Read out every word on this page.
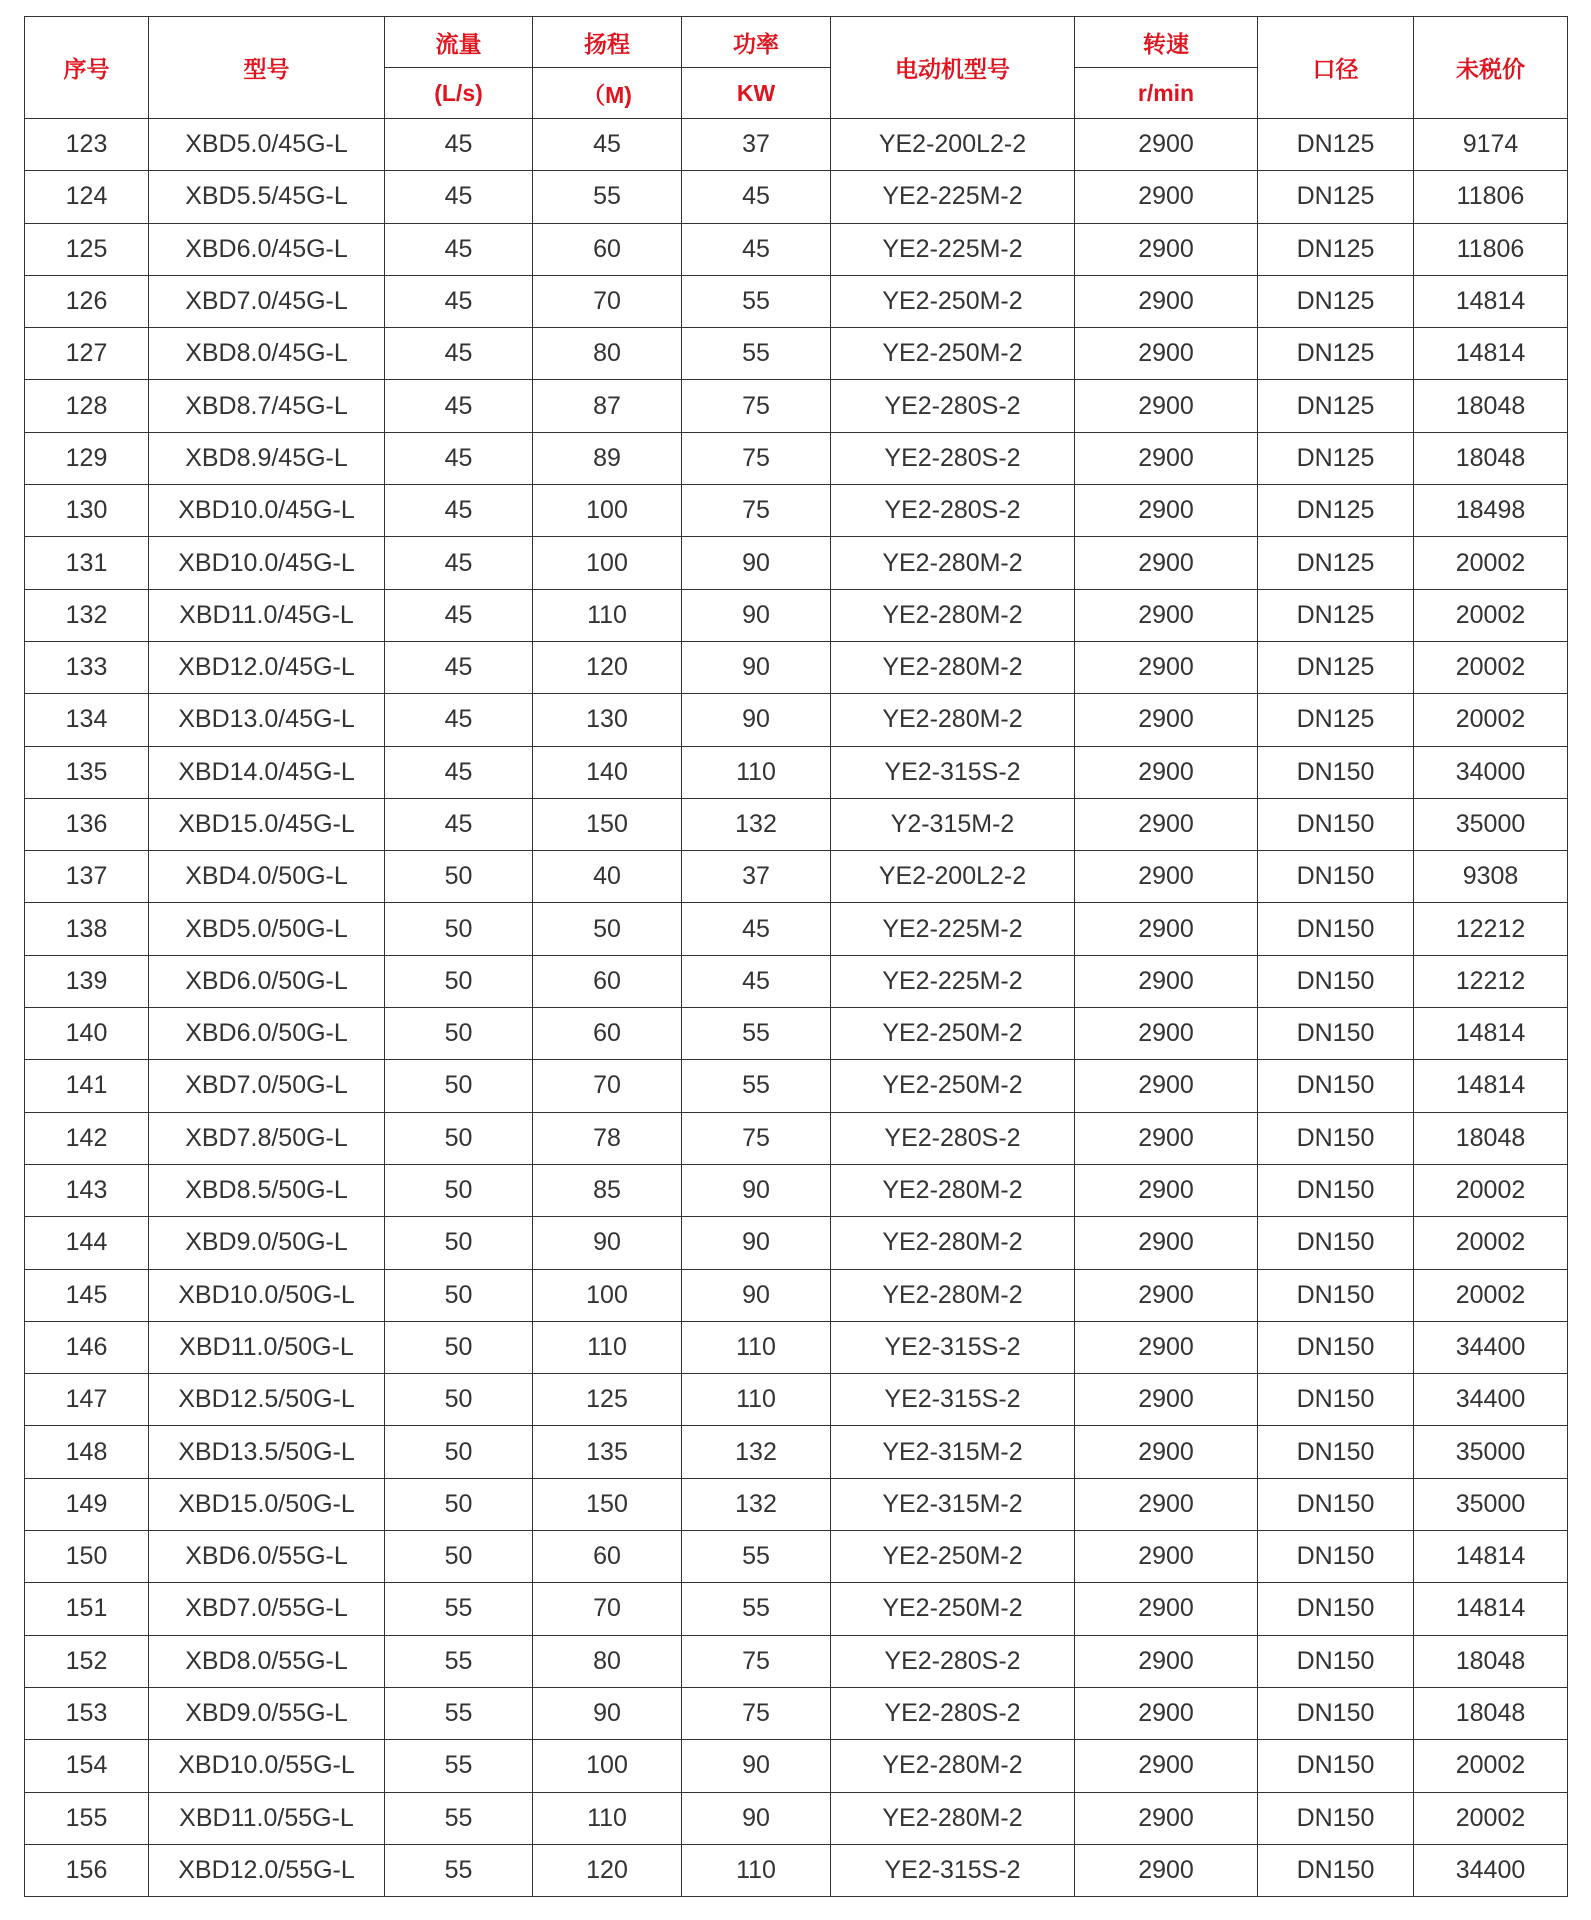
序号	型号	流量	扬程	功率	电动机型号	转速	口径	未税价
		(L/s)	（M)	KW		r/min		
123	XBD5.0/45G-L	45	45	37	YE2-200L2-2	2900	DN125	9174
124	XBD5.5/45G-L	45	55	45	YE2-225M-2	2900	DN125	11806
125	XBD6.0/45G-L	45	60	45	YE2-225M-2	2900	DN125	11806
126	XBD7.0/45G-L	45	70	55	YE2-250M-2	2900	DN125	14814
127	XBD8.0/45G-L	45	80	55	YE2-250M-2	2900	DN125	14814
128	XBD8.7/45G-L	45	87	75	YE2-280S-2	2900	DN125	18048
129	XBD8.9/45G-L	45	89	75	YE2-280S-2	2900	DN125	18048
130	XBD10.0/45G-L	45	100	75	YE2-280S-2	2900	DN125	18498
131	XBD10.0/45G-L	45	100	90	YE2-280M-2	2900	DN125	20002
132	XBD11.0/45G-L	45	110	90	YE2-280M-2	2900	DN125	20002
133	XBD12.0/45G-L	45	120	90	YE2-280M-2	2900	DN125	20002
134	XBD13.0/45G-L	45	130	90	YE2-280M-2	2900	DN125	20002
135	XBD14.0/45G-L	45	140	110	YE2-315S-2	2900	DN150	34000
136	XBD15.0/45G-L	45	150	132	Y2-315M-2	2900	DN150	35000
137	XBD4.0/50G-L	50	40	37	YE2-200L2-2	2900	DN150	9308
138	XBD5.0/50G-L	50	50	45	YE2-225M-2	2900	DN150	12212
139	XBD6.0/50G-L	50	60	45	YE2-225M-2	2900	DN150	12212
140	XBD6.0/50G-L	50	60	55	YE2-250M-2	2900	DN150	14814
141	XBD7.0/50G-L	50	70	55	YE2-250M-2	2900	DN150	14814
142	XBD7.8/50G-L	50	78	75	YE2-280S-2	2900	DN150	18048
143	XBD8.5/50G-L	50	85	90	YE2-280M-2	2900	DN150	20002
144	XBD9.0/50G-L	50	90	90	YE2-280M-2	2900	DN150	20002
145	XBD10.0/50G-L	50	100	90	YE2-280M-2	2900	DN150	20002
146	XBD11.0/50G-L	50	110	110	YE2-315S-2	2900	DN150	34400
147	XBD12.5/50G-L	50	125	110	YE2-315S-2	2900	DN150	34400
148	XBD13.5/50G-L	50	135	132	YE2-315M-2	2900	DN150	35000
149	XBD15.0/50G-L	50	150	132	YE2-315M-2	2900	DN150	35000
150	XBD6.0/55G-L	50	60	55	YE2-250M-2	2900	DN150	14814
151	XBD7.0/55G-L	55	70	55	YE2-250M-2	2900	DN150	14814
152	XBD8.0/55G-L	55	80	75	YE2-280S-2	2900	DN150	18048
153	XBD9.0/55G-L	55	90	75	YE2-280S-2	2900	DN150	18048
154	XBD10.0/55G-L	55	100	90	YE2-280M-2	2900	DN150	20002
155	XBD11.0/55G-L	55	110	90	YE2-280M-2	2900	DN150	20002
156	XBD12.0/55G-L	55	120	110	YE2-315S-2	2900	DN150	34400
